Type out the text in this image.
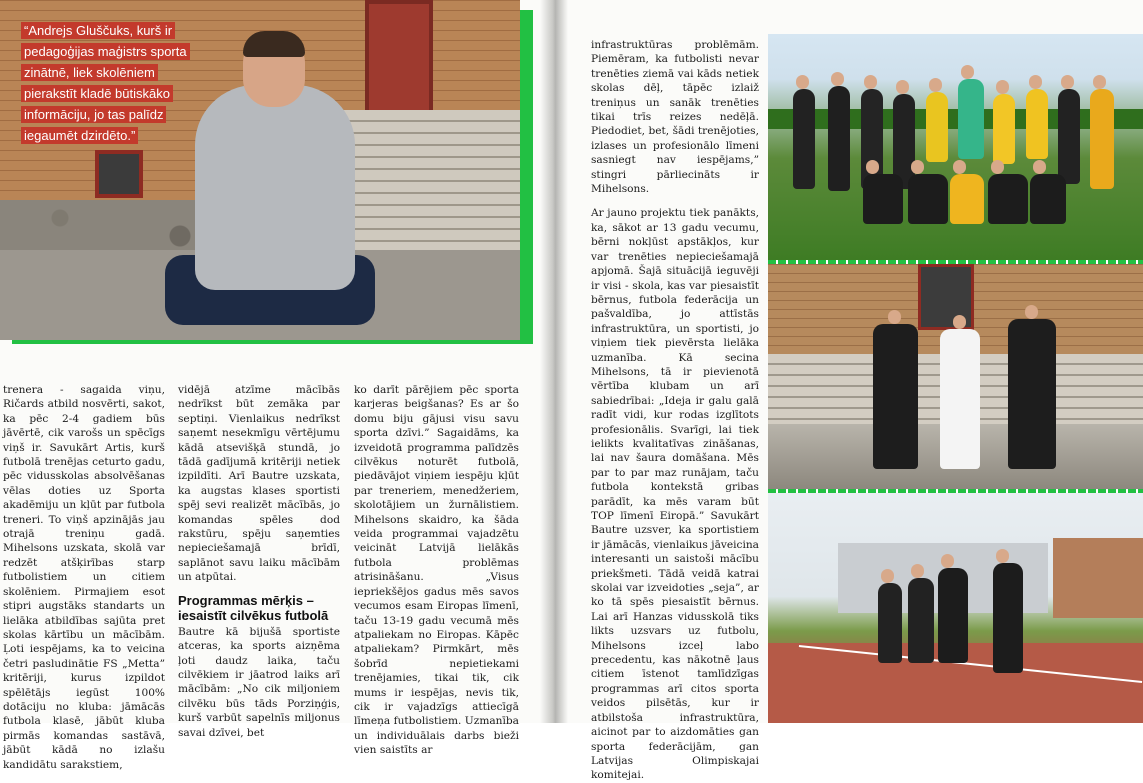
“Andrejs Gluščuks, kurš ir
pedagoģijas maģistrs sporta
zinātnē, liek skolēniem
pierakstīt kladē būtiskāko
informāciju, jo tas palīdz
iegaumēt dzirdēto.”

trenera - sagaida viņu, Ričards atbild nosvērti, sakot, ka pēc 2-4 gadiem būs jāvērtē, cik varošs un spēcīgs viņš ir. Savukārt Artis, kurš futbolā trenējas ceturto gadu, pēc vidusskolas absolvēšanas vēlas doties uz Sporta akadēmiju un kļūt par futbola treneri. To viņš apzinājās jau otrajā treniņu gadā. Mihelsons uzskata, skolā var redzēt atšķirības starp futbolistiem un citiem skolēniem. Pirmajiem esot stipri augstāks standarts un lielāka atbildības sajūta pret skolas kārtību un mācībām. Ļoti iespējams, ka to veicina četri pasludinātie FS „Metta” kritēriji, kurus izpildot spēlētājs iegūst 100% dotāciju no kluba: jāmācās futbola klasē, jābūt kluba pirmās komandas sastāvā, jābūt kādā no izlašu kandidātu sarakstiem,

vidējā atzīme mācībās nedrīkst būt zemāka par septiņi. Vienlaikus nedrīkst saņemt nesekmīgu vērtējumu kādā atsevišķā stundā, jo tādā gadījumā kritēriji netiek izpildīti. Arī Bautre uzskata, ka augstas klases sportisti spēj sevi realizēt mācībās, jo komandas spēles dod rakstūru, spēju saņemties nepieciešamajā brīdī, saplānot savu laiku mācībām un atpūtai.

Programmas mērķis – iesaistīt cilvēkus futbolā

Bautre kā bijušā sportiste atceras, ka sports aizņēma ļoti daudz laika, taču cilvēkiem ir jāatrod laiks arī mācībām: „No cik miljoniem cilvēku būs tāds Porziņģis, kurš varbūt sapelnīs miljonus savai dzīvei, bet

ko darīt pārējiem pēc sporta karjeras beigšanas? Es ar šo domu biju gājusi visu savu sporta dzīvi.” Sagaidāms, ka izveidotā programma palīdzēs cilvēkus noturēt futbolā, piedāvājot viņiem iespēju kļūt par treneriem, menedžeriem, skolotājiem un žurnālistiem. Mihelsons skaidro, ka šāda veida programmai vajadzētu veicināt Latvijā lielākās futbola problēmas atrisināšanu. „Visus iepriekšējos gadus mēs savos vecumos esam Eiropas līmenī, taču 13-19 gadu vecumā mēs atpaliekam no Eiropas. Kāpēc atpaliekam? Pirmkārt, mēs šobrīd nepietiekami trenējamies, tikai tik, cik mums ir iespējas, nevis tik, cik ir vajadzīgs attiecīgā līmeņa futbolistiem. Uzmanība un individuālais darbs bieži vien saistīts ar

infrastruktūras problēmām. Piemēram, ka futbolisti nevar trenēties ziemā vai kāds netiek skolas dēļ, tāpēc izlaiž treniņus un sanāk trenēties tikai trīs reizes nedēļā. Piedodiet, bet, šādi trenējoties, izlases un profesionālo līmeni sasniegt nav iespējams,” stingri pārliecināts ir Mihelsons.

Ar jauno projektu tiek panākts, ka, sākot ar 13 gadu vecumu, bērni nokļūst apstākļos, kur var trenēties nepieciešamajā apjomā. Šajā situācijā ieguvēji ir visi - skola, kas var piesaistīt bērnus, futbola federācija un pašvaldība, jo attīstās infrastruktūra, un sportisti, jo viņiem tiek pievērsta lielāka uzmanība. Kā secina Mihelsons, tā ir pievienotā vērtība klubam un arī sabiedrībai: „Ideja ir galu galā radīt vidi, kur rodas izglītots profesionālis. Svarīgi, lai tiek ielikts kvalitatīvas zināšanas, lai nav šaura domāšana. Mēs par to par maz runājam, taču futbola kontekstā gribas parādīt, ka mēs varam būt TOP līmenī Eiropā.” Savukārt Bautre uzsver, ka sportistiem ir jāmācās, vienlaikus jāveicina interesanti un saistoši mācību priekšmeti. Tādā veidā katrai skolai var izveidoties „seja”, ar ko tā spēs piesaistīt bērnus. Lai arī Hanzas vidusskolā tiks likts uzsvars uz futbolu, Mihelsons izceļ labo precedentu, kas nākotnē ļaus citiem īstenot tamlīdzīgas programmas arī citos sporta veidos pilsētās, kur ir atbilstoša infrastruktūra, aicinot par to aizdomāties gan sporta federācijām, gan Latvijas Olimpiskajai komitejai.
